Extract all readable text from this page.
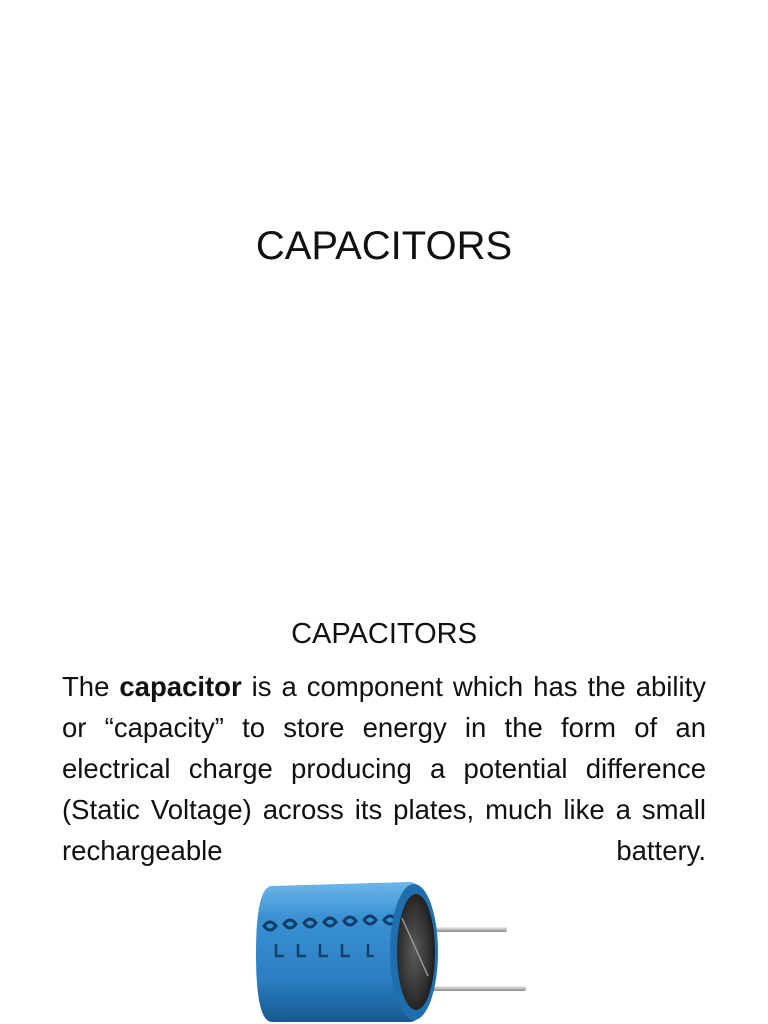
CAPACITORS
CAPACITORS

The capacitor is a component which has the ability or “capacity” to store energy in the form of an electrical charge producing a potential difference (Static Voltage) across its plates, much like a small rechargeable battery.
